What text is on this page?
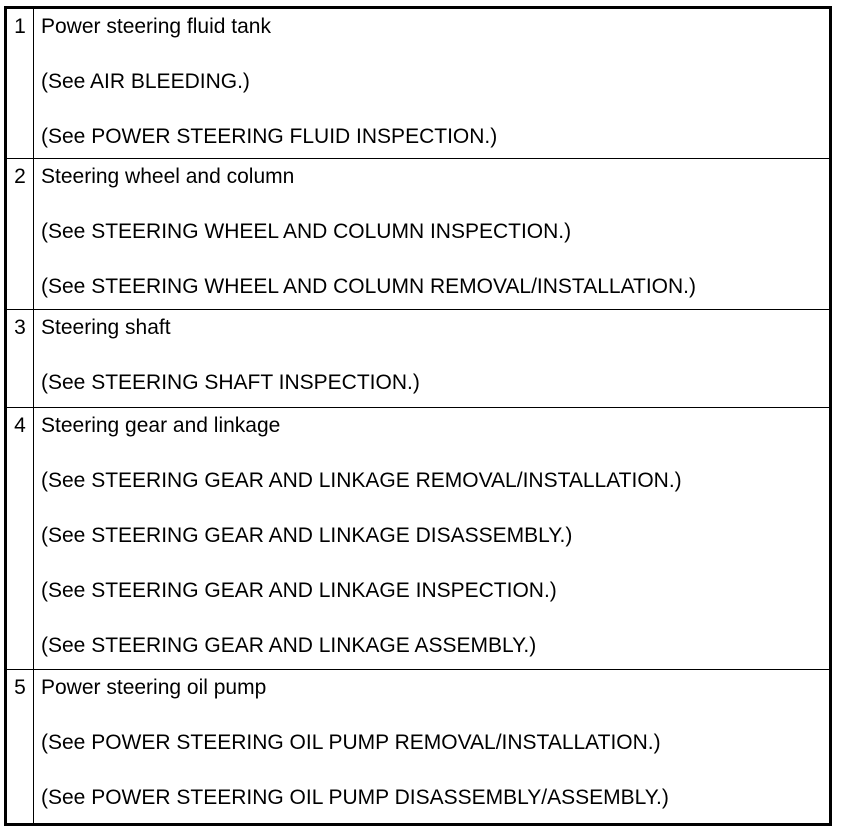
1 Power steering fluid tank
(See AIR BLEEDING.)
(See POWER STEERING FLUID INSPECTION.)
2 Steering wheel and column
(See STEERING WHEEL AND COLUMN INSPECTION.)
(See STEERING WHEEL AND COLUMN REMOVAL/INSTALLATION.)
3 Steering shaft
(See STEERING SHAFT INSPECTION.)
4 Steering gear and linkage
(See STEERING GEAR AND LINKAGE REMOVAL/INSTALLATION.)
(See STEERING GEAR AND LINKAGE DISASSEMBLY.)
(See STEERING GEAR AND LINKAGE INSPECTION.)
(See STEERING GEAR AND LINKAGE ASSEMBLY.)
5 Power steering oil pump
(See POWER STEERING OIL PUMP REMOVAL/INSTALLATION.)
(See POWER STEERING OIL PUMP DISASSEMBLY/ASSEMBLY.)
